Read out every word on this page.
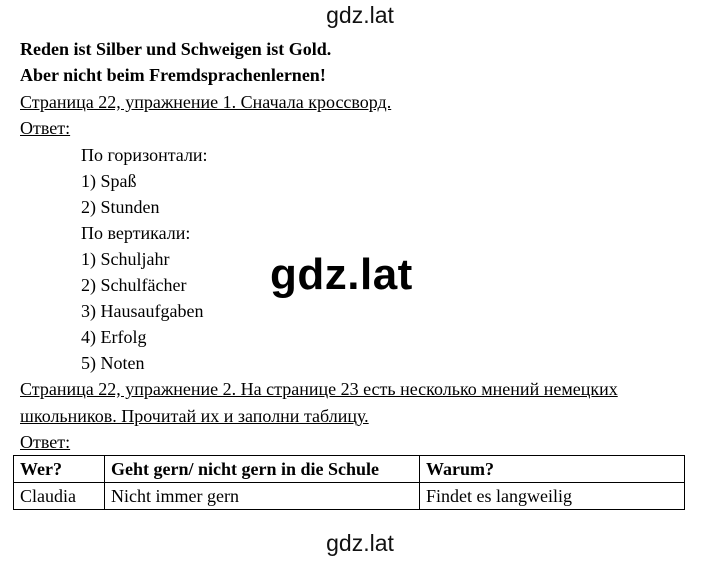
gdz.lat
Reden ist Silber und Schweigen ist Gold.
Aber nicht beim Fremdsprachenlernen!
Страница 22, упражнение 1. Сначала кроссворд.
Ответ:
По горизонтали:
1) Spaß
2) Stunden
По вертикали:
1) Schuljahr
2) Schulfächer
3) Hausaufgaben
4) Erfolg
5) Noten
gdz.lat
Страница 22, упражнение 2. На странице 23 есть несколько мнений немецких
школьников. Прочитай их и заполни таблицу.
Ответ:
Wer?	Geht gern/ nicht gern in die Schule	Warum?
Claudia	Nicht immer gern	Findet es langweilig
gdz.lat
